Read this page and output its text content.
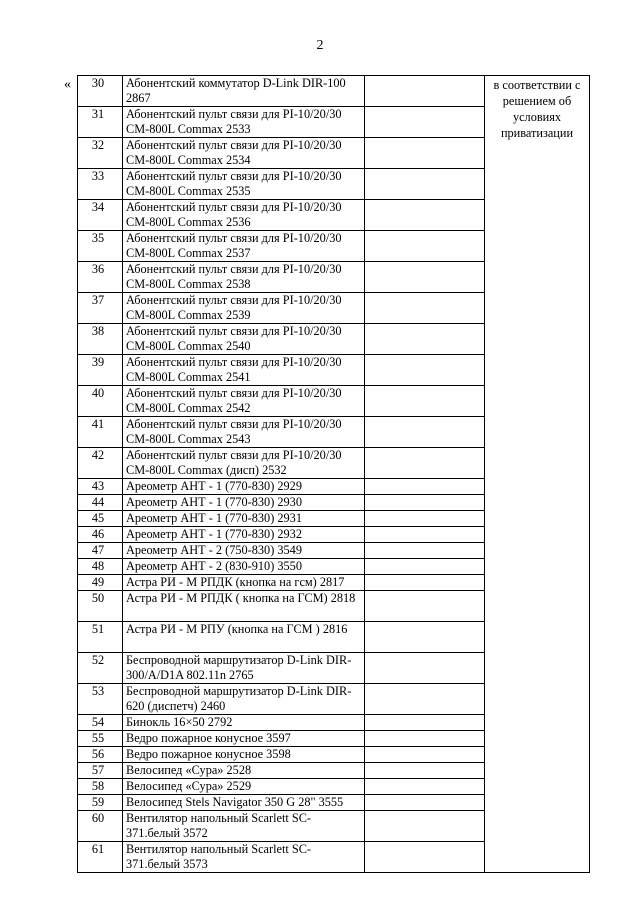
2
« 30	Абонентский коммутатор D-Link DIR-100 2867		в соответствии с решением об условиях приватизации
31	Абонентский пульт связи для PI-10/20/30 CM-800L Commax 2533		
32	Абонентский пульт связи для PI-10/20/30 CM-800L Commax 2534		
33	Абонентский пульт связи для PI-10/20/30 CM-800L Commax 2535		
34	Абонентский пульт связи для PI-10/20/30 CM-800L Commax 2536		
35	Абонентский пульт связи для PI-10/20/30 CM-800L Commax 2537		
36	Абонентский пульт связи для PI-10/20/30 CM-800L Commax 2538		
37	Абонентский пульт связи для PI-10/20/30 CM-800L Commax 2539		
38	Абонентский пульт связи для PI-10/20/30 CM-800L Commax 2540		
39	Абонентский пульт связи для PI-10/20/30 CM-800L Commax 2541		
40	Абонентский пульт связи для PI-10/20/30 CM-800L Commax 2542		
41	Абонентский пульт связи для PI-10/20/30 CM-800L Commax 2543		
42	Абонентский пульт связи для PI-10/20/30 CM-800L Commax (дисп) 2532		
43	Ареометр АНТ - 1 (770-830) 2929		
44	Ареометр АНТ - 1 (770-830) 2930		
45	Ареометр АНТ - 1 (770-830) 2931		
46	Ареометр АНТ - 1 (770-830) 2932		
47	Ареометр АНТ - 2 (750-830) 3549		
48	Ареометр АНТ - 2 (830-910) 3550		
49	Астра РИ - М РПДК (кнопка на гсм) 2817		
50	Астра РИ - М РПДК ( кнопка на ГСМ) 2818		
51	Астра РИ - М РПУ (кнопка на ГСМ ) 2816		
52	Беспроводной маршрутизатор D-Link DIR-300/A/D1A 802.11n 2765		
53	Беспроводной маршрутизатор D-Link DIR-620 (диспетч) 2460		
54	Бинокль 16×50 2792		
55	Ведро пожарное конусное 3597		
56	Ведро пожарное конусное 3598		
57	Велосипед «Сура» 2528		
58	Велосипед «Сура» 2529		
59	Велосипед Stels Navigator 350 G 28" 3555		
60	Вентилятор напольный Scarlett SC-371.белый 3572		
61	Вентилятор напольный Scarlett SC-371.белый 3573		
